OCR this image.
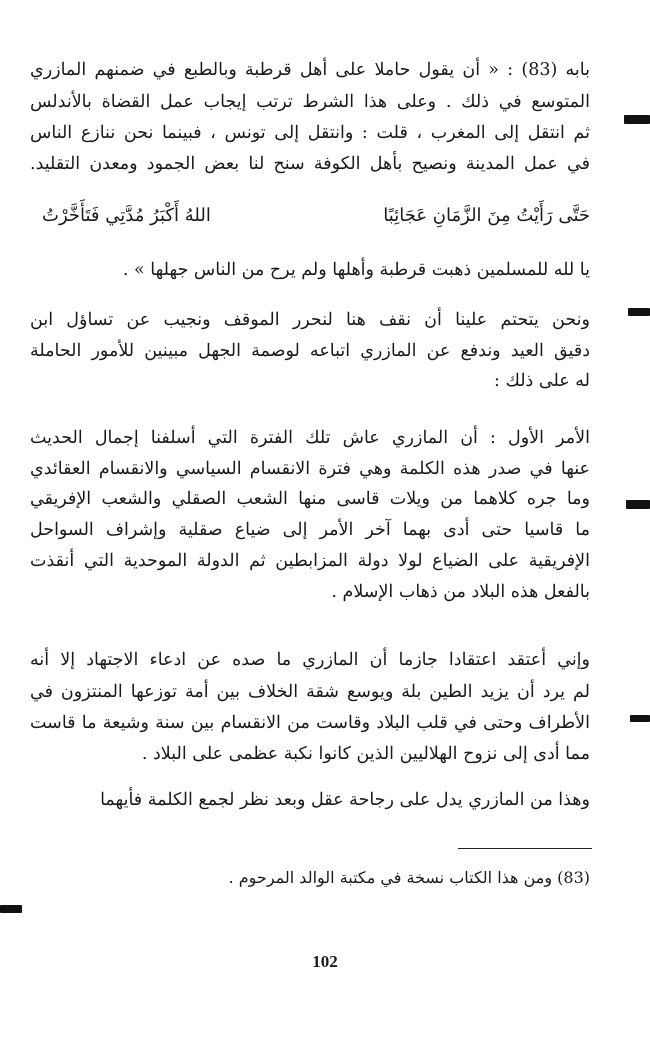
بابه (83) : « أن يقول حاملا على أهل قرطبة وبالطبع في ضمنهم المازري
المتوسع في ذلك . وعلى هذا الشرط ترتب إيجاب عمل القضاة بالأندلس
ثم انتقل إلى المغرب ، قلت : وانتقل إلى تونس ، فبينما نحن ننازع الناس
في عمل المدينة ونصيح بأهل الكوفة سنح لنا بعض الجمود ومعدن التقليد.
حَتَّى رَأَيْتُ مِنَ الزَّمَانِ عَجَائِبًا
اللهُ أَكْبَرُ مُدَّتِي فَتَأَخَّرْتُ
يا لله للمسلمين ذهبت قرطبة وأهلها ولم يرح من الناس جهلها » .
ونحن يتحتم علينا أن نقف هنا لنحرر الموقف ونجيب عن تساؤل ابن
دقيق العيد وندفع عن المازري اتباعه لوصمة الجهل مبينين للأمور الحاملة
له على ذلك :
الأمر الأول : أن المازري عاش تلك الفترة التي أسلفنا إجمال الحديث
عنها في صدر هذه الكلمة وهي فترة الانقسام السياسي والانقسام العقائدي
وما جره كلاهما من ويلات قاسى منها الشعب الصقلي والشعب الإفريقي
ما قاسيا حتى أدى بهما آخر الأمر إلى ضياع صقلية وإشراف السواحل
الإفريقية على الضياع لولا دولة المزابطين ثم الدولة الموحدية التي أنقذت
بالفعل هذه البلاد من ذهاب الإسلام .
وإني أعتقد اعتقادا جازما أن المازري ما صده عن ادعاء الاجتهاد إلا أنه
لم يرد أن يزيد الطين بلة ويوسع شقة الخلاف بين أمة توزعها المنتزون في
الأطراف وحتى في قلب البلاد وقاست من الانقسام بين سنة وشيعة ما قاست
مما أدى إلى نزوح الهلاليين الذين كانوا نكبة عظمى على البلاد .
وهذا من المازري يدل على رجاحة عقل وبعد نظر لجمع الكلمة فأيهما
(83) ومن هذا الكتاب نسخة في مكتبة الوالد المرحوم .
102
